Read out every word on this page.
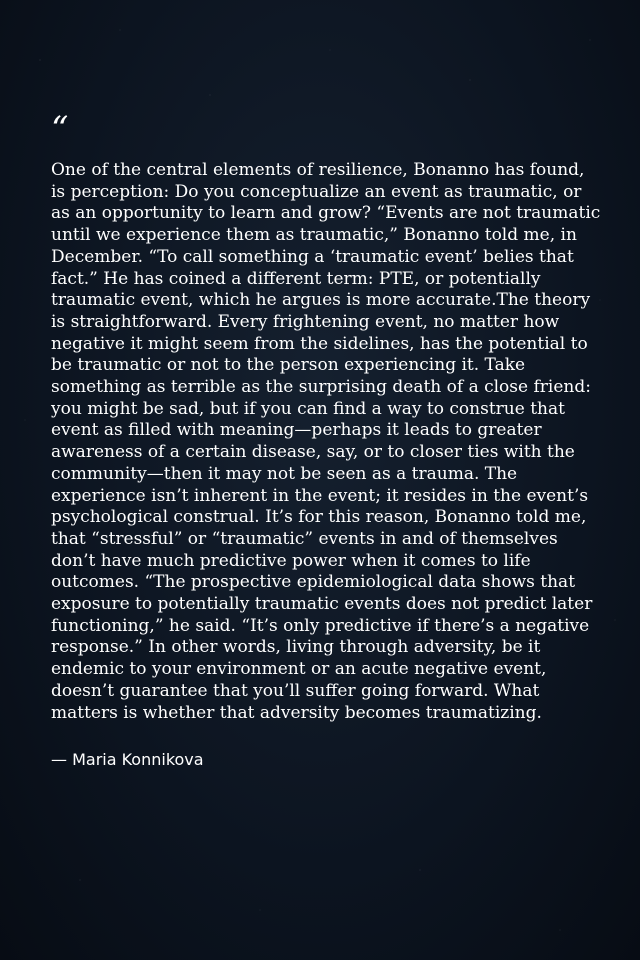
“
One of the central elements of resilience, Bonanno has found, is perception: Do you conceptualize an event as traumatic, or as an opportunity to learn and grow? “Events are not traumatic until we experience them as traumatic,” Bonanno told me, in December. “To call something a ‘traumatic event’ belies that fact.” He has coined a different term: PTE, or potentially traumatic event, which he argues is more accurate.The theory is straightforward. Every frightening event, no matter how negative it might seem from the sidelines, has the potential to be traumatic or not to the person experiencing it. Take something as terrible as the surprising death of a close friend: you might be sad, but if you can find a way to construe that event as filled with meaning—perhaps it leads to greater awareness of a certain disease, say, or to closer ties with the community—then it may not be seen as a trauma. The experience isn’t inherent in the event; it resides in the event’s psychological construal. It’s for this reason, Bonanno told me, that “stressful” or “traumatic” events in and of themselves don’t have much predictive power when it comes to life outcomes. “The prospective epidemiological data shows that exposure to potentially traumatic events does not predict later functioning,” he said. “It’s only predictive if there’s a negative response.” In other words, living through adversity, be it endemic to your environment or an acute negative event, doesn’t guarantee that you’ll suffer going forward. What matters is whether that adversity becomes traumatizing.
— Maria Konnikova
